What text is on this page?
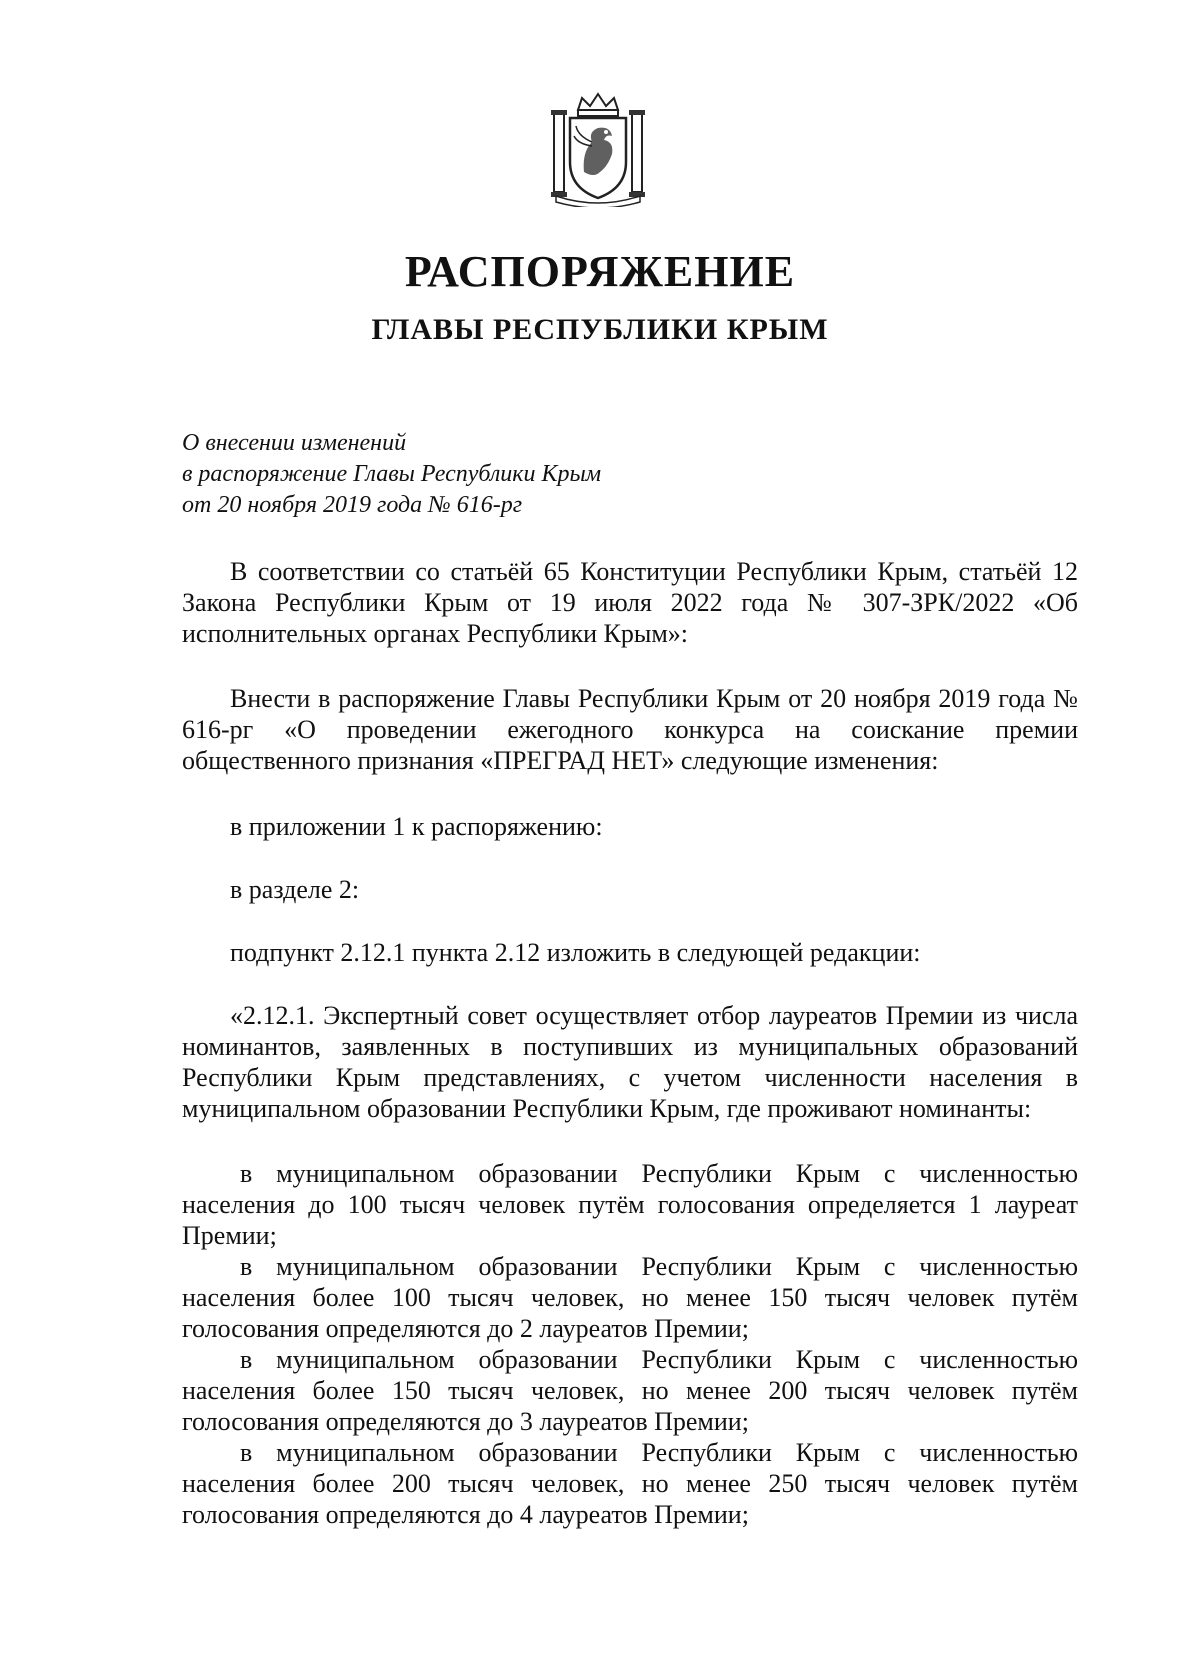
РАСПОРЯЖЕНИЕ
ГЛАВЫ РЕСПУБЛИКИ КРЫМ
О внесении изменений
в распоряжение Главы Республики Крым
от 20 ноября 2019 года № 616-рг

В соответствии со статьёй 65 Конституции Республики Крым, статьёй 12 Закона Республики Крым от 19 июля 2022 года № 307-ЗРК/2022 «Об исполнительных органах Республики Крым»:

Внести в распоряжение Главы Республики Крым от 20 ноября 2019 года № 616-рг «О проведении ежегодного конкурса на соискание премии общественного признания «ПРЕГРАД НЕТ» следующие изменения:

в приложении 1 к распоряжению:

в разделе 2:

подпункт 2.12.1 пункта 2.12 изложить в следующей редакции:

«2.12.1. Экспертный совет осуществляет отбор лауреатов Премии из числа номинантов, заявленных в поступивших из муниципальных образований Республики Крым представлениях, с учетом численности населения в муниципальном образовании Республики Крым, где проживают номинанты:

в муниципальном образовании Республики Крым с численностью населения до 100 тысяч человек путём голосования определяется 1 лауреат Премии;

в муниципальном образовании Республики Крым с численностью населения более 100 тысяч человек, но менее 150 тысяч человек путём голосования определяются до 2 лауреатов Премии;

в муниципальном образовании Республики Крым с численностью населения более 150 тысяч человек, но менее 200 тысяч человек путём голосования определяются до 3 лауреатов Премии;

в муниципальном образовании Республики Крым с численностью населения более 200 тысяч человек, но менее 250 тысяч человек путём голосования определяются до 4 лауреатов Премии;
